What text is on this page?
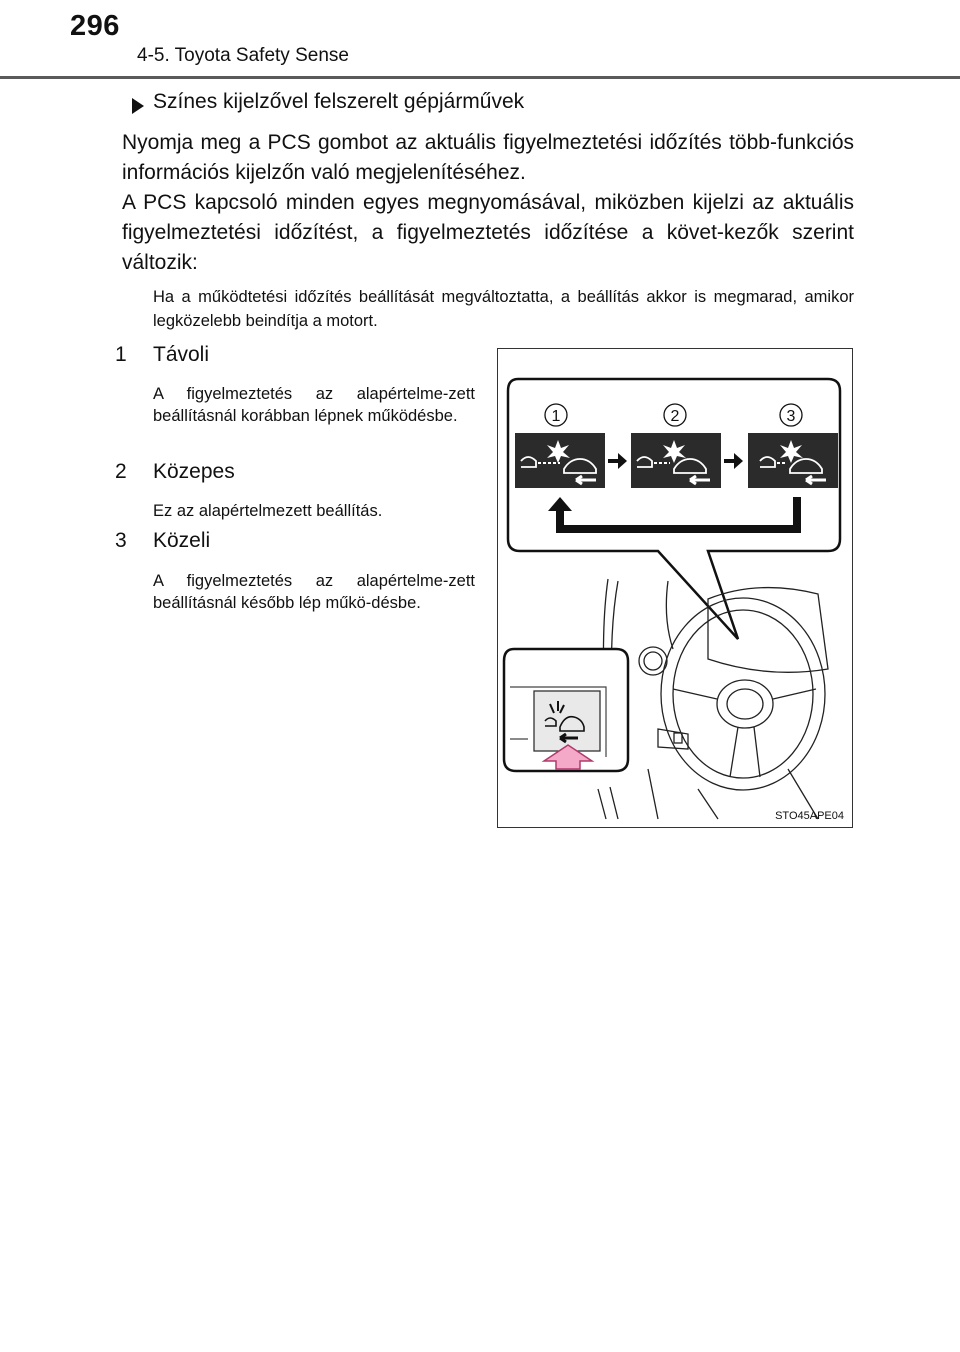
296
4-5. Toyota Safety Sense
Színes kijelzővel felszerelt gépjárművek
Nyomja meg a PCS gombot az aktuális figyelmeztetési időzítés több-funkciós információs kijelzőn való megjelenítéséhez.
A PCS kapcsoló minden egyes megnyomásával, miközben kijelzi az aktuális figyelmeztetési időzítést, a figyelmeztetés időzítése a követ-kezők szerint változik:
Ha a működtetési időzítés beállítását megváltoztatta, a beállítás akkor is megmarad, amikor legközelebb beindítja a motort.
1 Távoli
A figyelmeztetés az alapértelme-zett beállításnál korábban lépnek működésbe.
2 Közepes
Ez az alapértelmezett beállítás.
3 Közeli
A figyelmeztetés az alapértelme-zett beállításnál később lép műkö-désbe.
1	2	3
STO45APE04
